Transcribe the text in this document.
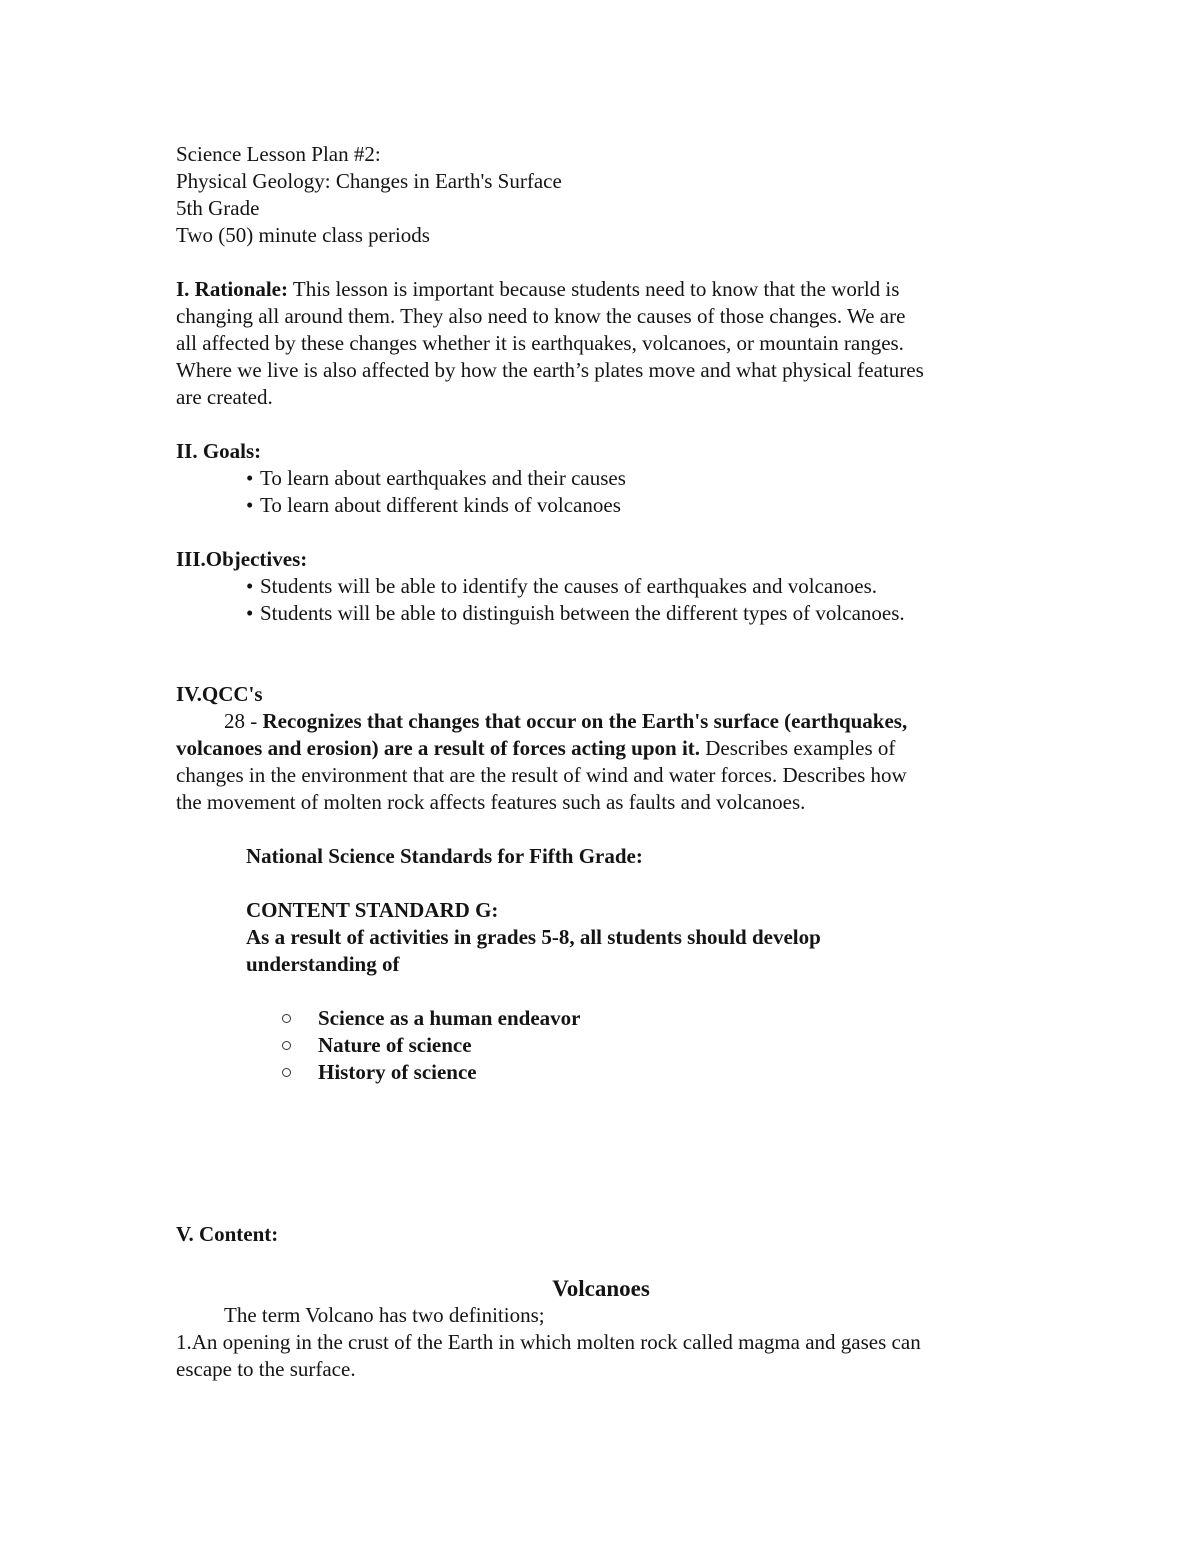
Science Lesson Plan #2:
Physical Geology: Changes in Earth's Surface
5th Grade
Two (50) minute class periods
I. Rationale: This lesson is important because students need to know that the world is
changing all around them. They also need to know the causes of those changes. We are
all affected by these changes whether it is earthquakes, volcanoes, or mountain ranges.
Where we live is also affected by how the earth’s plates move and what physical features
are created.
II. Goals:
• To learn about earthquakes and their causes
• To learn about different kinds of volcanoes
III.Objectives:
• Students will be able to identify the causes of earthquakes and volcanoes.
• Students will be able to distinguish between the different types of volcanoes.
IV.QCC's
28 - Recognizes that changes that occur on the Earth's surface (earthquakes,
volcanoes and erosion) are a result of forces acting upon it. Describes examples of
changes in the environment that are the result of wind and water forces. Describes how
the movement of molten rock affects features such as faults and volcanoes.
National Science Standards for Fifth Grade:
CONTENT STANDARD G:
As a result of activities in grades 5-8, all students should develop
understanding of
Science as a human endeavor
Nature of science
History of science
V. Content:
Volcanoes
The term Volcano has two definitions;
1.An opening in the crust of the Earth in which molten rock called magma and gases can
escape to the surface.
